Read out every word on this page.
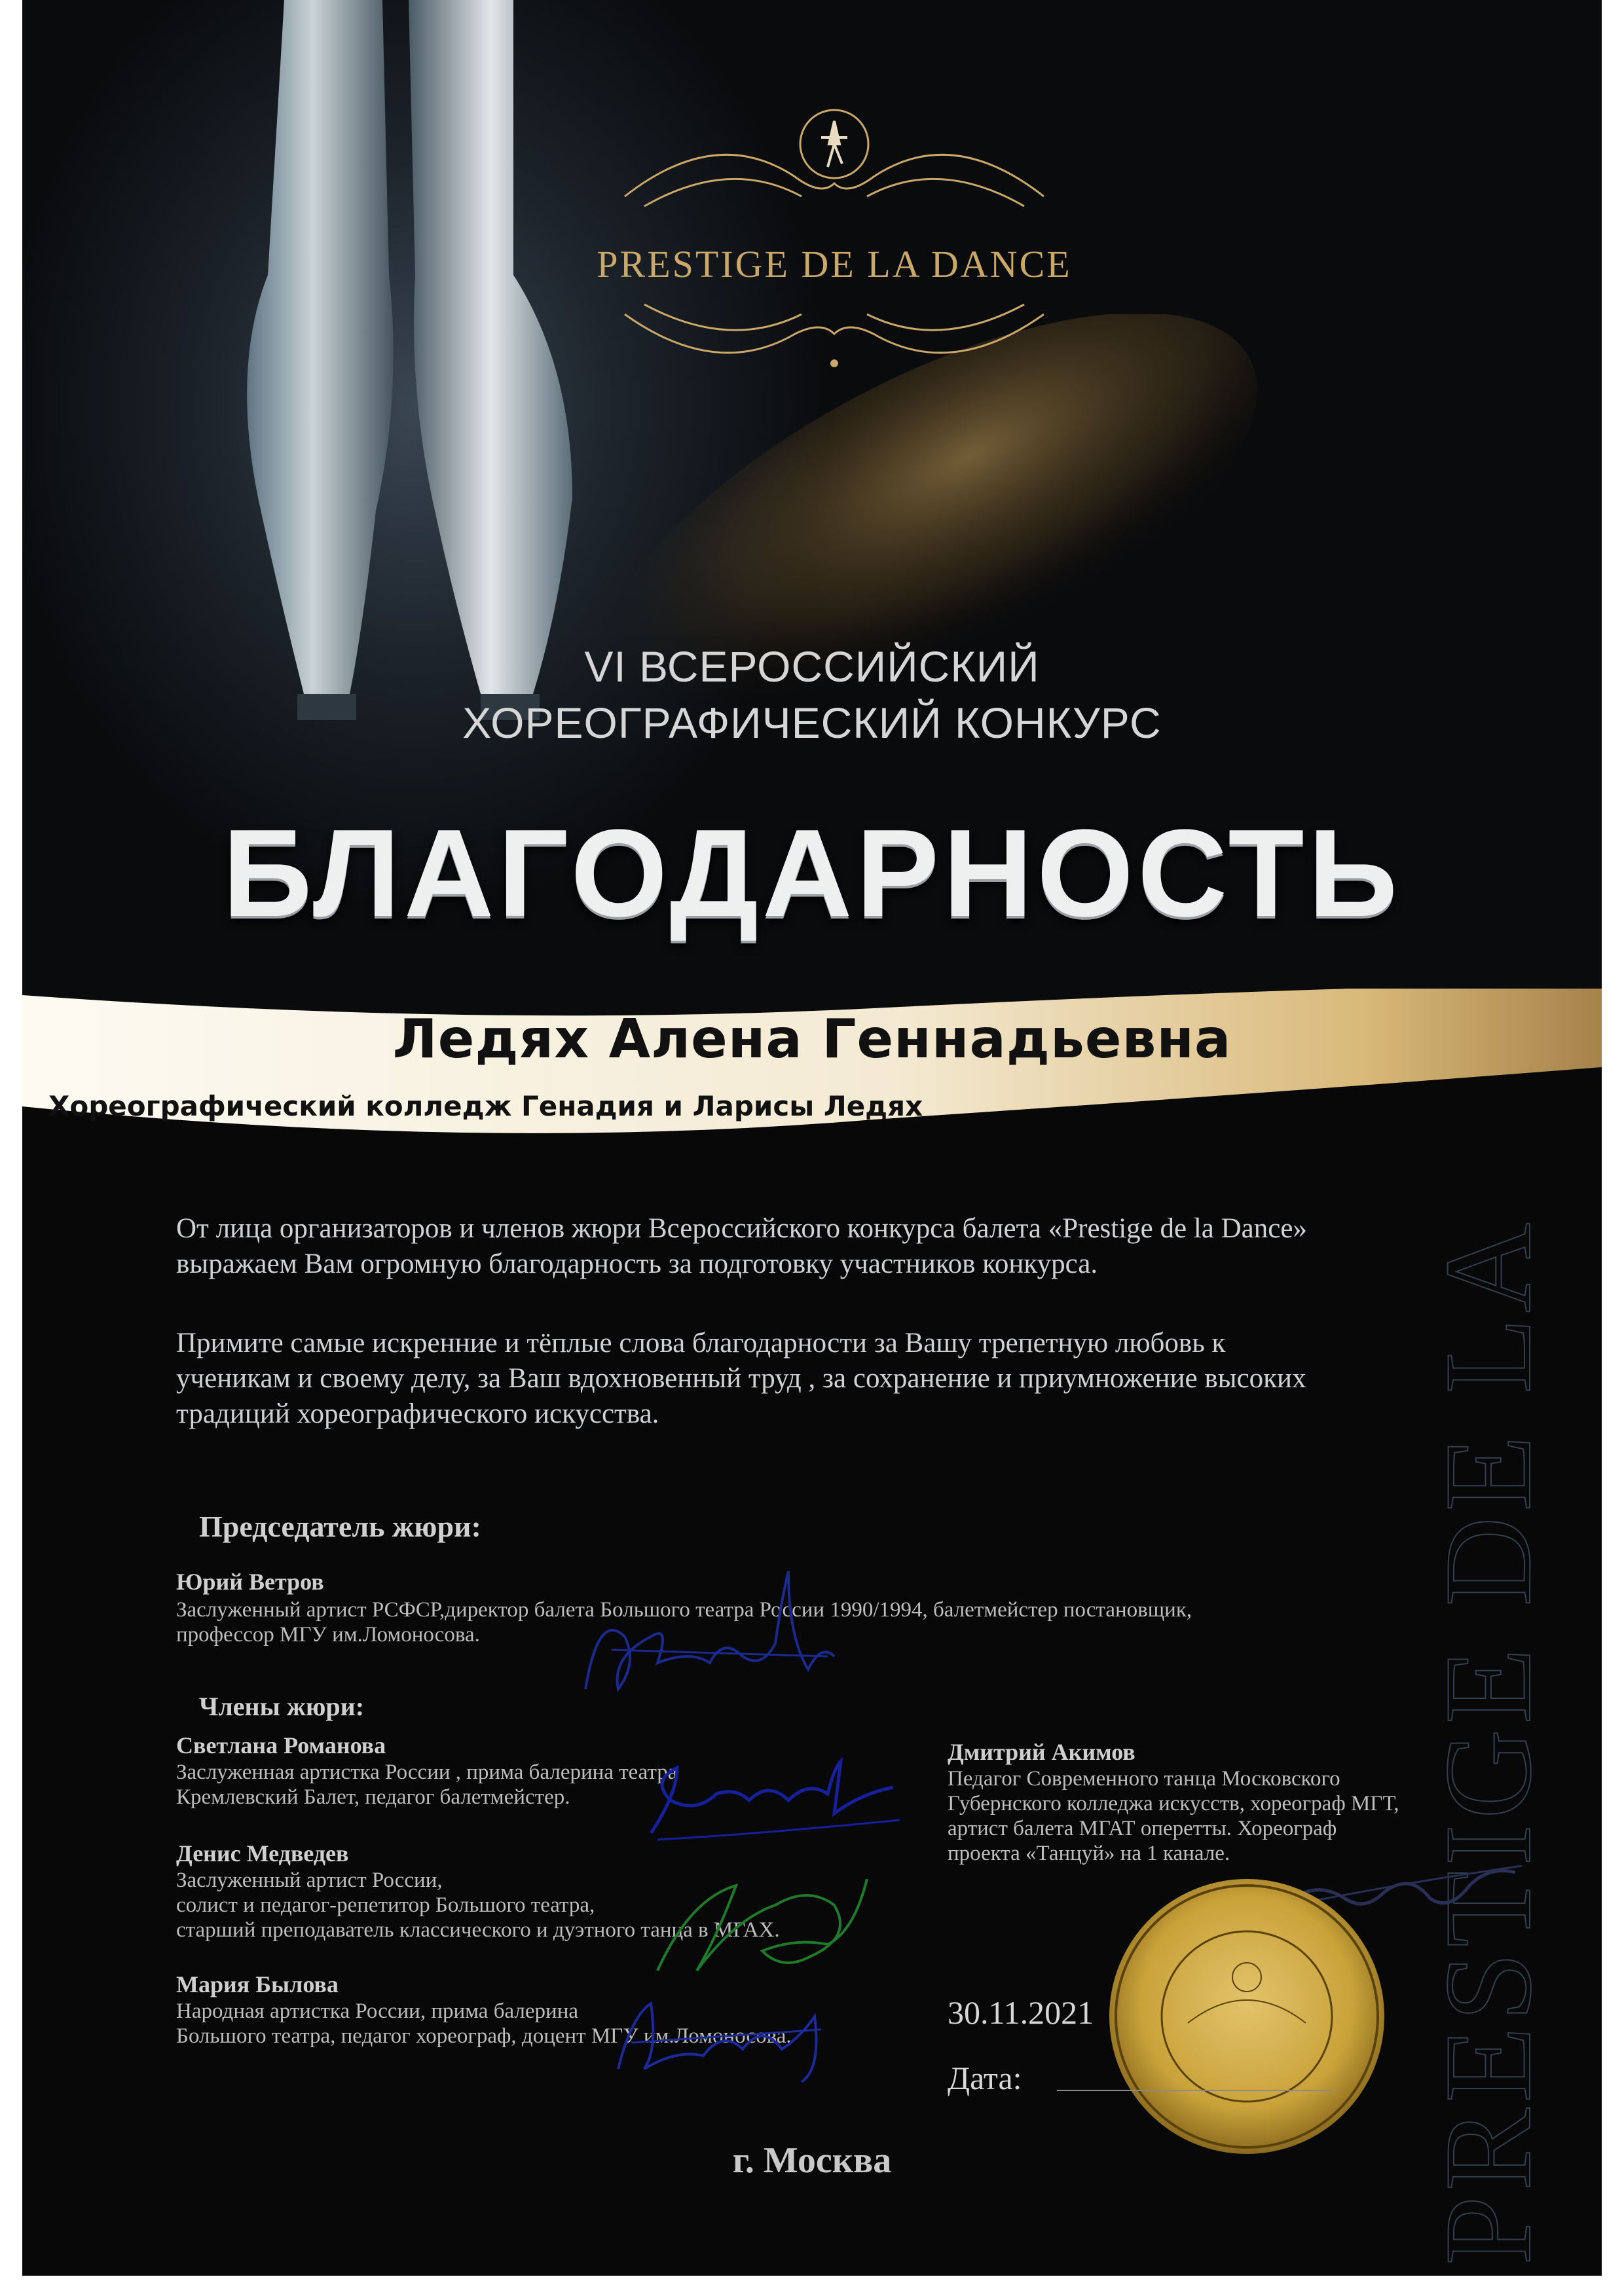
PRESTIGE DE LA DANCE
VI ВСЕРОССИЙСКИЙ
ХОРЕОГРАФИЧЕСКИЙ КОНКУРС
БЛАГОДАРНОСТЬ
Ледях Алена Геннадьевна
Хореографический колледж Генадия и Ларисы Ледях
PRESTIGE DE LA
От лица организаторов и членов жюри Всероссийского конкурса балета «Prestige de la Dance»
выражаем Вам огромную благодарность за подготовку участников конкурса.
Примите самые искренние и тёплые слова благодарности за Вашу трепетную любовь к
ученикам и своему делу, за Ваш вдохновенный труд , за сохранение и приумножение высоких
традиций хореографического искусства.
Председатель жюри:
Юрий Ветров
Заслуженный артист РСФСР,директор балета Большого театра России 1990/1994, балетмейстер постановщик,
профессор МГУ им.Ломоносова.
Члены жюри:
Светлана Романова
Заслуженная артистка России , прима балерина театра
Кремлевский Балет, педагог балетмейстер.
Денис Медведев
Заслуженный артист России,
солист и педагог-репетитор Большого театра,
старший преподаватель классического и дуэтного танца в МГАХ.
Мария Былова
Народная артистка России, прима балерина
Большого театра, педагог хореограф, доцент МГУ им.Ломоносова.
Дмитрий Акимов
Педагог Современного танца Московского
Губернского колледжа искусств, хореограф МГТ,
артист балета МГАТ оперетты. Хореограф
проекта «Танцуй» на 1 канале.
30.11.2021
Дата:
г. Москва
